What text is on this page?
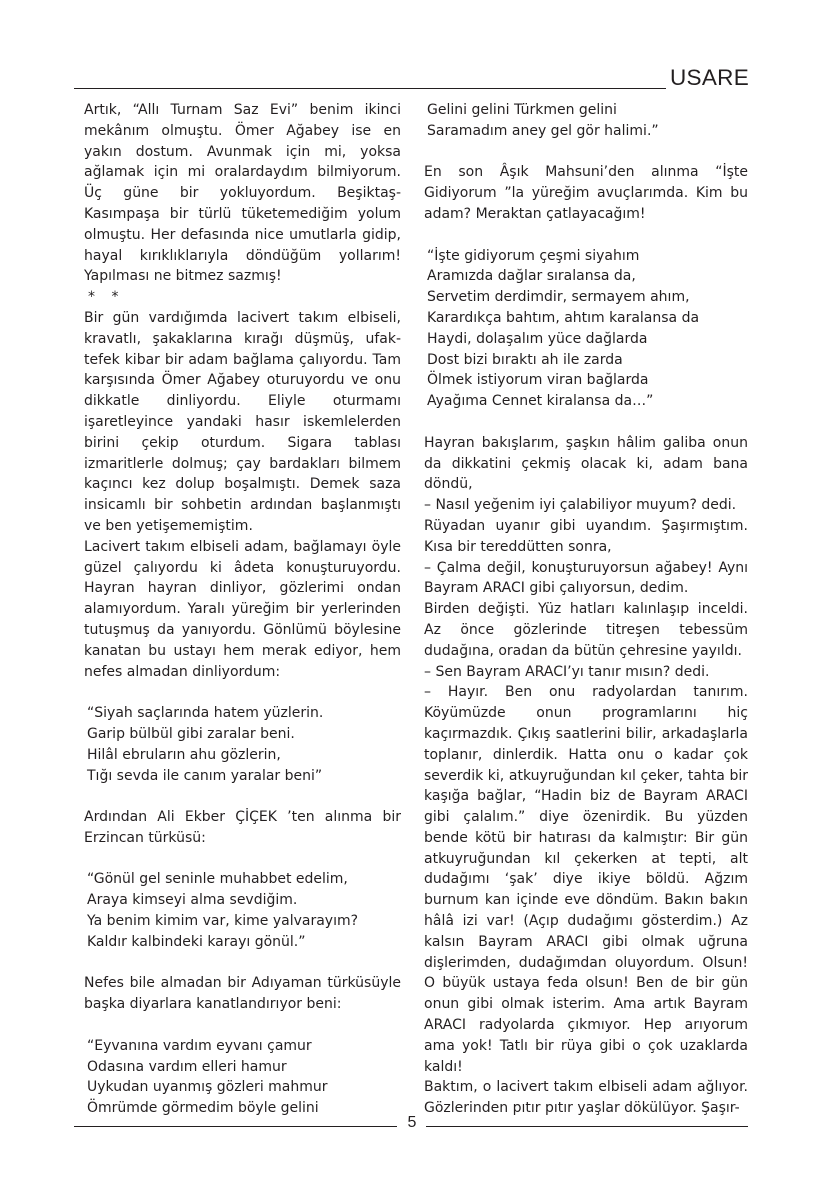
USARE

Artık, “Allı Turnam Saz Evi” benim ikinci mekânım olmuştu. Ömer Ağabey ise en yakın dostum. Avunmak için mi, yoksa ağlamak için mi oralardaydım bilmiyorum. Üç güne bir yokluyordum. Beşiktaş-Kasımpaşa bir türlü tüketemediğim yolum olmuştu. Her defasında nice umutlarla gidip, hayal kırıklıklarıyla döndüğüm yollarım! Yapılması ne bitmez sazmış!

* *

Bir gün vardığımda lacivert takım elbiseli, kravatlı, şakaklarına kırağı düşmüş, ufak-tefek kibar bir adam bağlama çalıyordu. Tam karşısında Ömer Ağabey oturuyordu ve onu dikkatle dinliyordu. Eliyle oturmamı işaretleyince yandaki hasır iskemlelerden birini çekip oturdum. Sigara tablası izmaritlerle dolmuş; çay bardakları bilmem kaçıncı kez dolup boşalmıştı. Demek saza insicamlı bir sohbetin ardından başlanmıştı ve ben yetişememiştim.

Lacivert takım elbiseli adam, bağlamayı öyle güzel çalıyordu ki âdeta konuşturuyordu. Hayran hayran dinliyor, gözlerimi ondan alamıyordum. Yaralı yüreğim bir yerlerinden tutuşmuş da yanıyordu. Gönlümü böylesine kanatan bu ustayı hem merak ediyor, hem nefes almadan dinliyordum:

“Siyah saçlarında hatem yüzlerin.

Garip bülbül gibi zaralar beni.

Hilâl ebruların ahu gözlerin,

Tığı sevda ile canım yaralar beni”

Ardından Ali Ekber ÇİÇEK ’ten alınma bir Erzincan türküsü:

“Gönül gel seninle muhabbet edelim,

Araya kimseyi alma sevdiğim.

Ya benim kimim var, kime yalvarayım?

Kaldır kalbindeki karayı gönül.”

Nefes bile almadan bir Adıyaman türküsüyle başka diyarlara kanatlandırıyor beni:

“Eyvanına vardım eyvanı çamur

Odasına vardım elleri hamur

Uykudan uyanmış gözleri mahmur

Ömrümde görmedim böyle gelini

Gelini gelini Türkmen gelini

Saramadım aney gel gör halimi.”

En son Âşık Mahsuni’den alınma “İşte Gidiyorum ”la yüreğim avuçlarımda. Kim bu adam? Meraktan çatlayacağım!

“İşte gidiyorum çeşmi siyahım

Aramızda dağlar sıralansa da,

Servetim derdimdir, sermayem ahım,

Karardıkça bahtım, ahtım karalansa da

Haydi, dolaşalım yüce dağlarda

Dost bizi bıraktı ah ile zarda

Ölmek istiyorum viran bağlarda

Ayağıma Cennet kiralansa da…”

Hayran bakışlarım, şaşkın hâlim galiba onun da dikkatini çekmiş olacak ki, adam bana döndü,

– Nasıl yeğenim iyi çalabiliyor muyum? dedi.

Rüyadan uyanır gibi uyandım. Şaşırmıştım. Kısa bir tereddütten sonra,

– Çalma değil, konuşturuyorsun ağabey! Aynı Bayram ARACI gibi çalıyorsun, dedim.

Birden değişti. Yüz hatları kalınlaşıp inceldi. Az önce gözlerinde titreşen tebessüm dudağına, oradan da bütün çehresine yayıldı.

– Sen Bayram ARACI’yı tanır mısın? dedi.

– Hayır. Ben onu radyolardan tanırım. Köyümüzde onun programlarını hiç kaçırmazdık. Çıkış saatlerini bilir, arkadaşlarla toplanır, dinlerdik. Hatta onu o kadar çok severdik ki, atkuyruğundan kıl çeker, tahta bir kaşığa bağlar, “Hadin biz de Bayram ARACI gibi çalalım.” diye özenirdik. Bu yüzden bende kötü bir hatırası da kalmıştır: Bir gün atkuyruğundan kıl çekerken at tepti, alt dudağımı ‘şak’ diye ikiye böldü. Ağzım burnum kan içinde eve döndüm. Bakın bakın hâlâ izi var! (Açıp dudağımı gösterdim.) Az kalsın Bayram ARACI gibi olmak uğruna dişlerimden, dudağımdan oluyordum. Olsun! O büyük ustaya feda olsun! Ben de bir gün onun gibi olmak isterim. Ama artık Bayram ARACI radyolarda çıkmıyor. Hep arıyorum ama yok! Tatlı bir rüya gibi o çok uzaklarda kaldı!

Baktım, o lacivert takım elbiseli adam ağlıyor. Gözlerinden pıtır pıtır yaşlar dökülüyor. Şaşır-

5
